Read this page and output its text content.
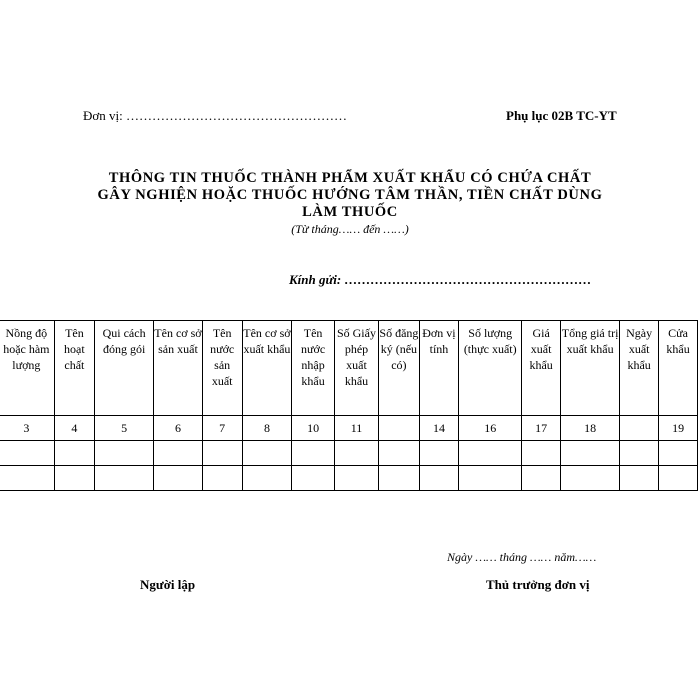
Đơn vị: ……………………………………………	Phụ lục 02B TC-YT
THÔNG TIN THUỐC THÀNH PHẨM XUẤT KHẨU CÓ CHỨA CHẤT
GÂY NGHIỆN HOẶC THUỐC HƯỚNG TÂM THẦN, TIỀN CHẤT DÙNG
LÀM THUỐC
(Từ tháng…… đến ……)
Kính gửi: …………………………………………………
Nồng độ hoặc hàm lượng	Tên hoạt chất	Qui cách đóng gói	Tên cơ sở sản xuất	Tên nước sản xuất	Tên cơ sở xuất khẩu	Tên nước nhập khẩu	Số Giấy phép xuất khẩu	Số đăng ký (nếu có)	Đơn vị tính	Số lượng (thực xuất)	Giá xuất khẩu	Tổng giá trị xuất khẩu	Ngày xuất khẩu	Cửa khẩu
3	4	5	6	7	8	10	11		14	16	17	18		19

Ngày …… tháng …… năm……
Người lập	Thủ trưởng đơn vị
